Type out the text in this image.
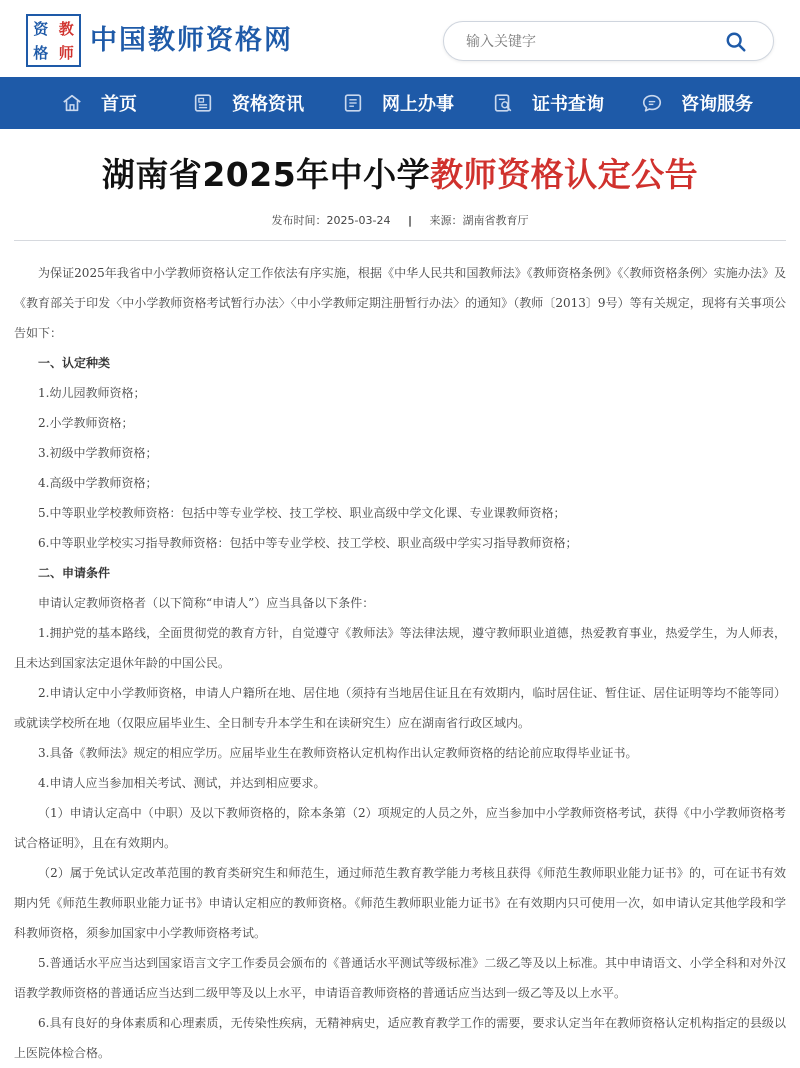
资 教
格 师 中国教师资格网
输入关键字
首页	资格资讯	网上办事	证书查询	咨询服务
湖南省2025年中小学教师资格认定公告
发布时间：2025-03-24 | 来源：湖南省教育厅

为保证2025年我省中小学教师资格认定工作依法有序实施，根据《中华人民共和国教师法》《教师资格条例》《〈教师资格条例〉实施办法》及《教育部关于印发〈中小学教师资格考试暂行办法〉〈中小学教师定期注册暂行办法〉的通知》（教师〔2013〕9号）等有关规定，现将有关事项公告如下：

一、认定种类

1.幼儿园教师资格；

2.小学教师资格；

3.初级中学教师资格；

4.高级中学教师资格；

5.中等职业学校教师资格：包括中等专业学校、技工学校、职业高级中学文化课、专业课教师资格；

6.中等职业学校实习指导教师资格：包括中等专业学校、技工学校、职业高级中学实习指导教师资格；

二、申请条件

申请认定教师资格者（以下简称“申请人”）应当具备以下条件：

1.拥护党的基本路线，全面贯彻党的教育方针，自觉遵守《教师法》等法律法规，遵守教师职业道德，热爱教育事业，热爱学生，为人师表，且未达到国家法定退休年龄的中国公民。

2.申请认定中小学教师资格，申请人户籍所在地、居住地（须持有当地居住证且在有效期内，临时居住证、暂住证、居住证明等均不能等同）或就读学校所在地（仅限应届毕业生、全日制专升本学生和在读研究生）应在湖南省行政区域内。

3.具备《教师法》规定的相应学历。应届毕业生在教师资格认定机构作出认定教师资格的结论前应取得毕业证书。

4.申请人应当参加相关考试、测试，并达到相应要求。

（1）申请认定高中（中职）及以下教师资格的，除本条第（2）项规定的人员之外，应当参加中小学教师资格考试，获得《中小学教师资格考试合格证明》，且在有效期内。

（2）属于免试认定改革范围的教育类研究生和师范生，通过师范生教育教学能力考核且获得《师范生教师职业能力证书》的，可在证书有效期内凭《师范生教师职业能力证书》申请认定相应的教师资格。《师范生教师职业能力证书》在有效期内只可使用一次，如申请认定其他学段和学科教师资格，须参加国家中小学教师资格考试。

5.普通话水平应当达到国家语言文字工作委员会颁布的《普通话水平测试等级标准》二级乙等及以上标准。其中申请语文、小学全科和对外汉语教学教师资格的普通话应当达到二级甲等及以上水平，申请语音教师资格的普通话应当达到一级乙等及以上水平。

6.具有良好的身体素质和心理素质，无传染性疾病，无精神病史，适应教育教学工作的需要，要求认定当年在教师资格认定机构指定的县级以上医院体检合格。
